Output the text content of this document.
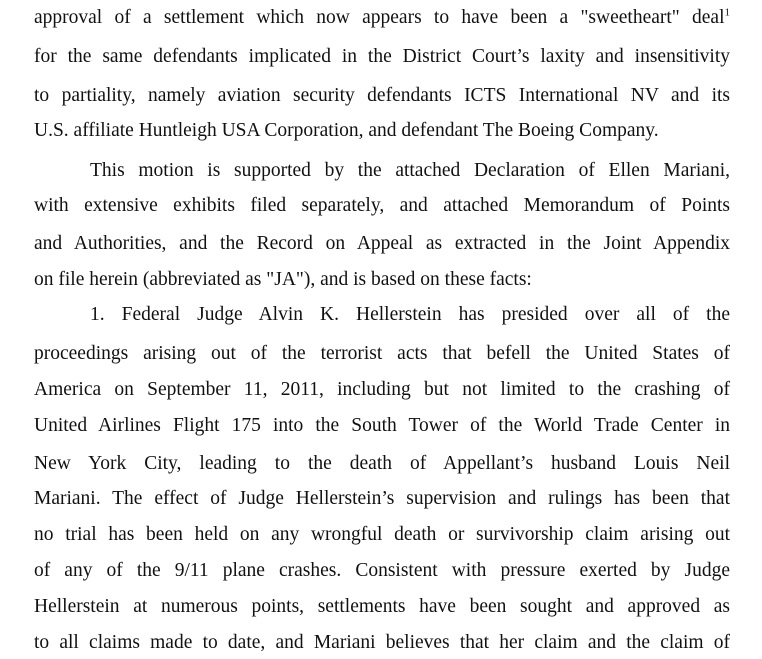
approval of a settlement which now appears to have been a "sweetheart" deal$^1$
for the same defendants implicated in the District Court’s laxity and insensitivity
to partiality, namely aviation security defendants ICTS International NV and its
U.S. affiliate Huntleigh USA Corporation, and defendant The Boeing Company.
This motion is supported by the attached Declaration of Ellen Mariani,
with extensive exhibits filed separately, and attached Memorandum of Points
and Authorities, and the Record on Appeal as extracted in the Joint Appendix
on file herein (abbreviated as "JA"), and is based on these facts:
1. Federal Judge Alvin K. Hellerstein has presided over all of the
proceedings arising out of the terrorist acts that befell the United States of
America on September 11, 2011, including but not limited to the crashing of
United Airlines Flight 175 into the South Tower of the World Trade Center in
New York City, leading to the death of Appellant’s husband Louis Neil
Mariani. The effect of Judge Hellerstein’s supervision and rulings has been that
no trial has been held on any wrongful death or survivorship claim arising out
of any of the 9/11 plane crashes. Consistent with pressure exerted by Judge
Hellerstein at numerous points, settlements have been sought and approved as
to all claims made to date, and Mariani believes that her claim and the claim of
